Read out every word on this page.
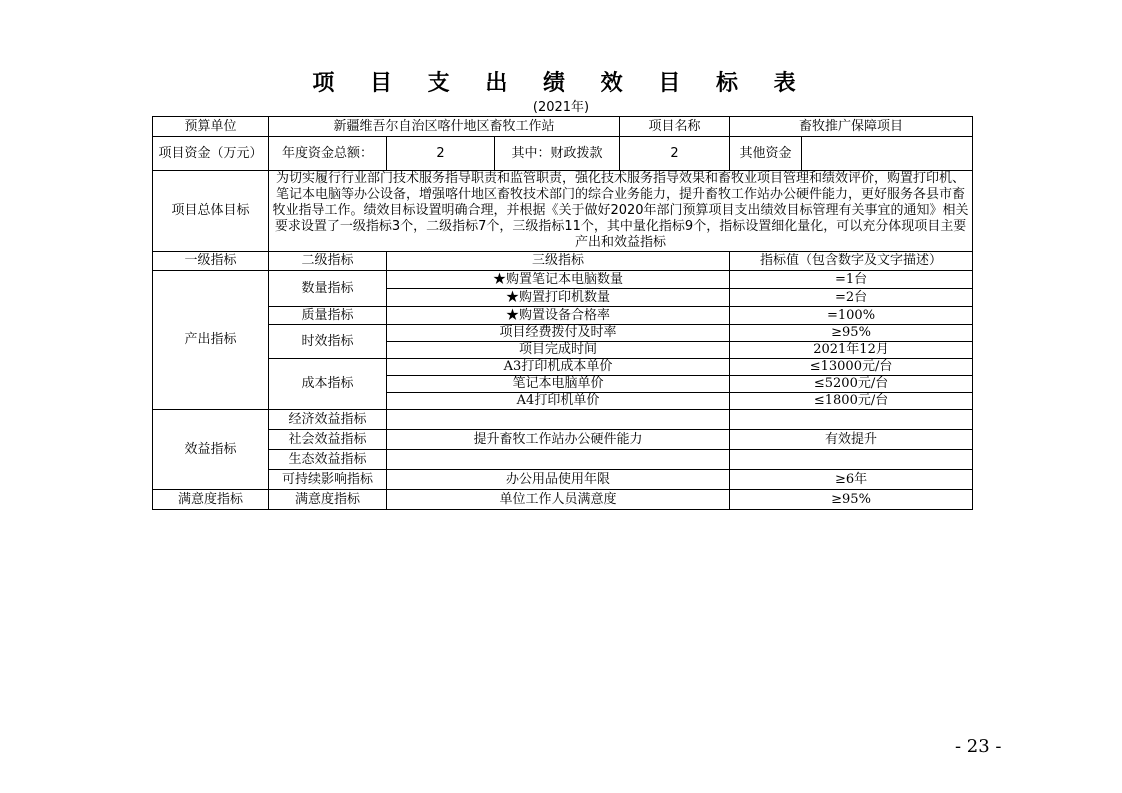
项 目 支 出 绩 效 目 标 表
(2021年)
预算单位	新疆维吾尔自治区喀什地区畜牧工作站			项目名称	畜牧推广保障项目	
项目资金（万元）	年度资金总额：	2	其中：财政拨款	2	其他资金	
项目总体目标	为切实履行行业部门技术服务指导职责和监管职责，强化技术服务指导效果和畜牧业项目管理和绩效评价，购置打印机、笔记本电脑等办公设备，增强喀什地区畜牧技术部门的综合业务能力，提升畜牧工作站办公硬件能力，更好服务各县市畜牧业指导工作。绩效目标设置明确合理，并根据《关于做好2020年部门预算项目支出绩效目标管理有关事宜的通知》相关要求设置了一级指标3个，二级指标7个，三级指标11个，其中量化指标9个，指标设置细化量化，可以充分体现项目主要产出和效益指标					
一级指标	二级指标	三级指标			指标值（包含数字及文字描述）	
产出指标	数量指标	★购置笔记本电脑数量			=1台	
		★购置打印机数量			=2台	
	质量指标	★购置设备合格率			=100%	
	时效指标	项目经费拨付及时率			≥95%	
		项目完成时间			2021年12月	
	成本指标	A3打印机成本单价			≤13000元/台	
		笔记本电脑单价			≤5200元/台	
		A4打印机单价			≤1800元/台	
效益指标	经济效益指标					
	社会效益指标	提升畜牧工作站办公硬件能力			有效提升	
	生态效益指标					
	可持续影响指标	办公用品使用年限			≥6年	
满意度指标	满意度指标	单位工作人员满意度			≥95%	
- 23 -
